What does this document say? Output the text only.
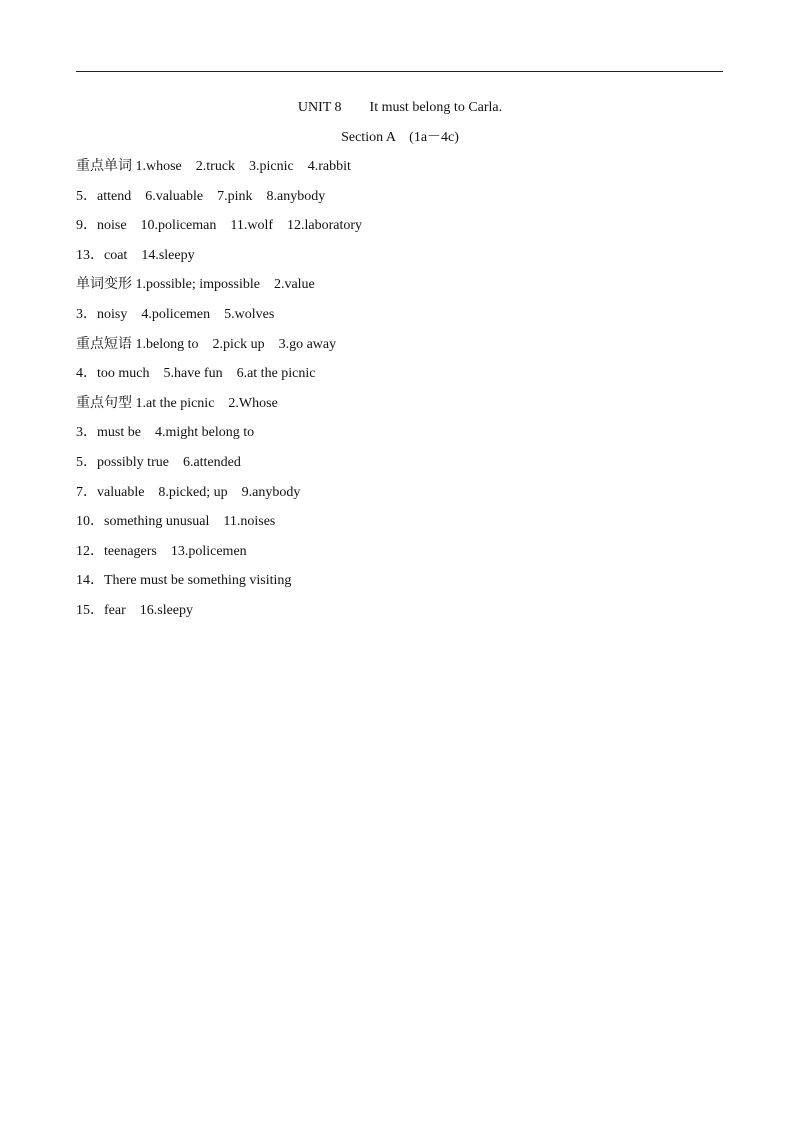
UNIT 8        It must belong to Carla.
Section A    (1a－4c)
重点单词 1.whose    2.truck    3.picnic    4.rabbit
5．attend    6.valuable    7.pink    8.anybody
9．noise    10.policeman    11.wolf    12.laboratory
13．coat    14.sleepy
单词变形 1.possible; impossible    2.value
3．noisy    4.policemen    5.wolves
重点短语 1.belong to    2.pick up    3.go away
4．too much    5.have fun    6.at the picnic
重点句型 1.at the picnic    2.Whose
3．must be    4.might belong to
5．possibly true    6.attended
7．valuable    8.picked; up    9.anybody
10．something unusual    11.noises
12．teenagers    13.policemen
14．There must be something visiting
15．fear    16.sleepy
